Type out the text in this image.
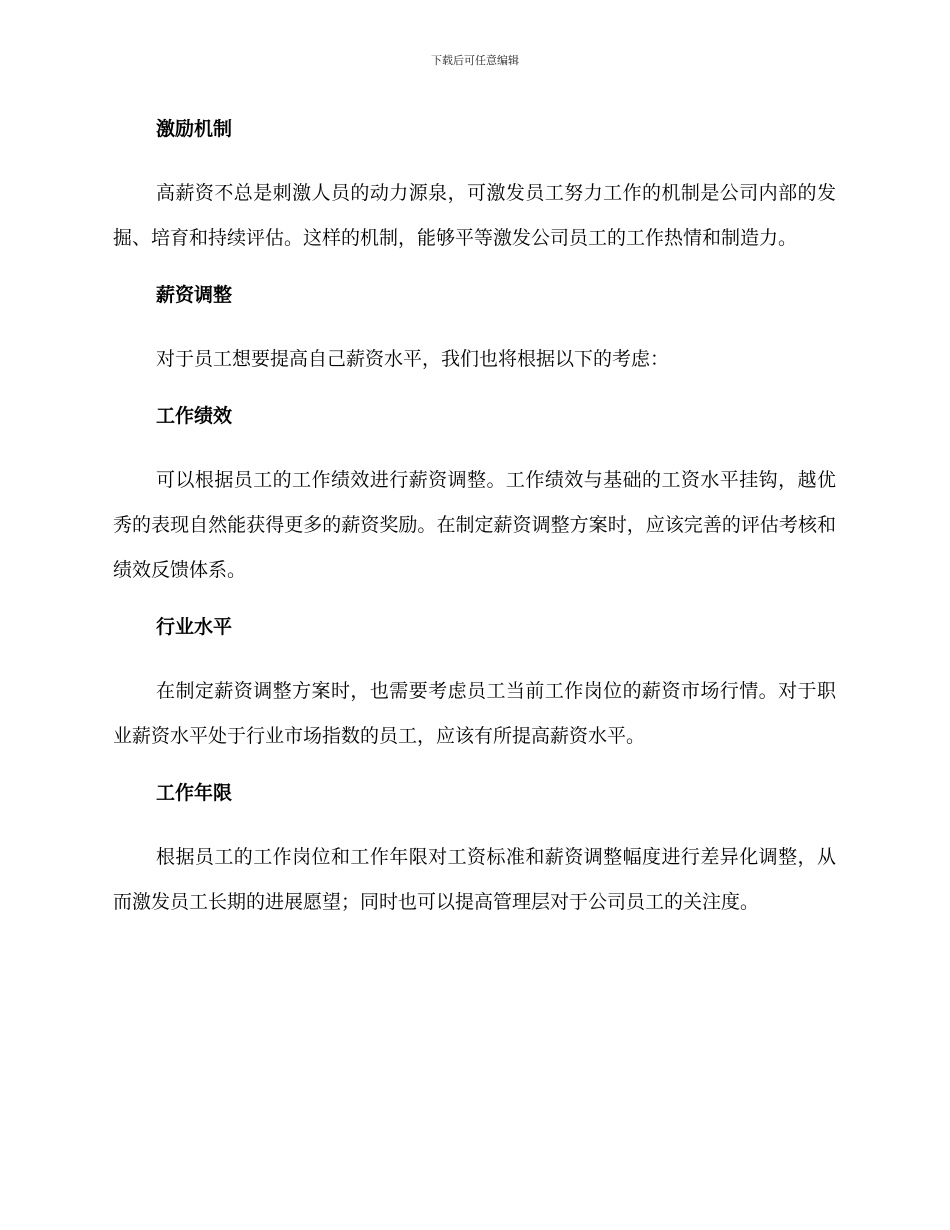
下载后可任意编辑
激励机制

高薪资不总是刺激人员的动力源泉，可激发员工努力工作的机制是公司内部的发掘、培育和持续评估。这样的机制，能够平等激发公司员工的工作热情和制造力。

薪资调整

对于员工想要提高自己薪资水平，我们也将根据以下的考虑：

工作绩效

可以根据员工的工作绩效进行薪资调整。工作绩效与基础的工资水平挂钩，越优秀的表现自然能获得更多的薪资奖励。在制定薪资调整方案时，应该完善的评估考核和绩效反馈体系。

行业水平

在制定薪资调整方案时，也需要考虑员工当前工作岗位的薪资市场行情。对于职业薪资水平处于行业市场指数的员工，应该有所提高薪资水平。

工作年限

根据员工的工作岗位和工作年限对工资标准和薪资调整幅度进行差异化调整，从而激发员工长期的进展愿望；同时也可以提高管理层对于公司员工的关注度。
